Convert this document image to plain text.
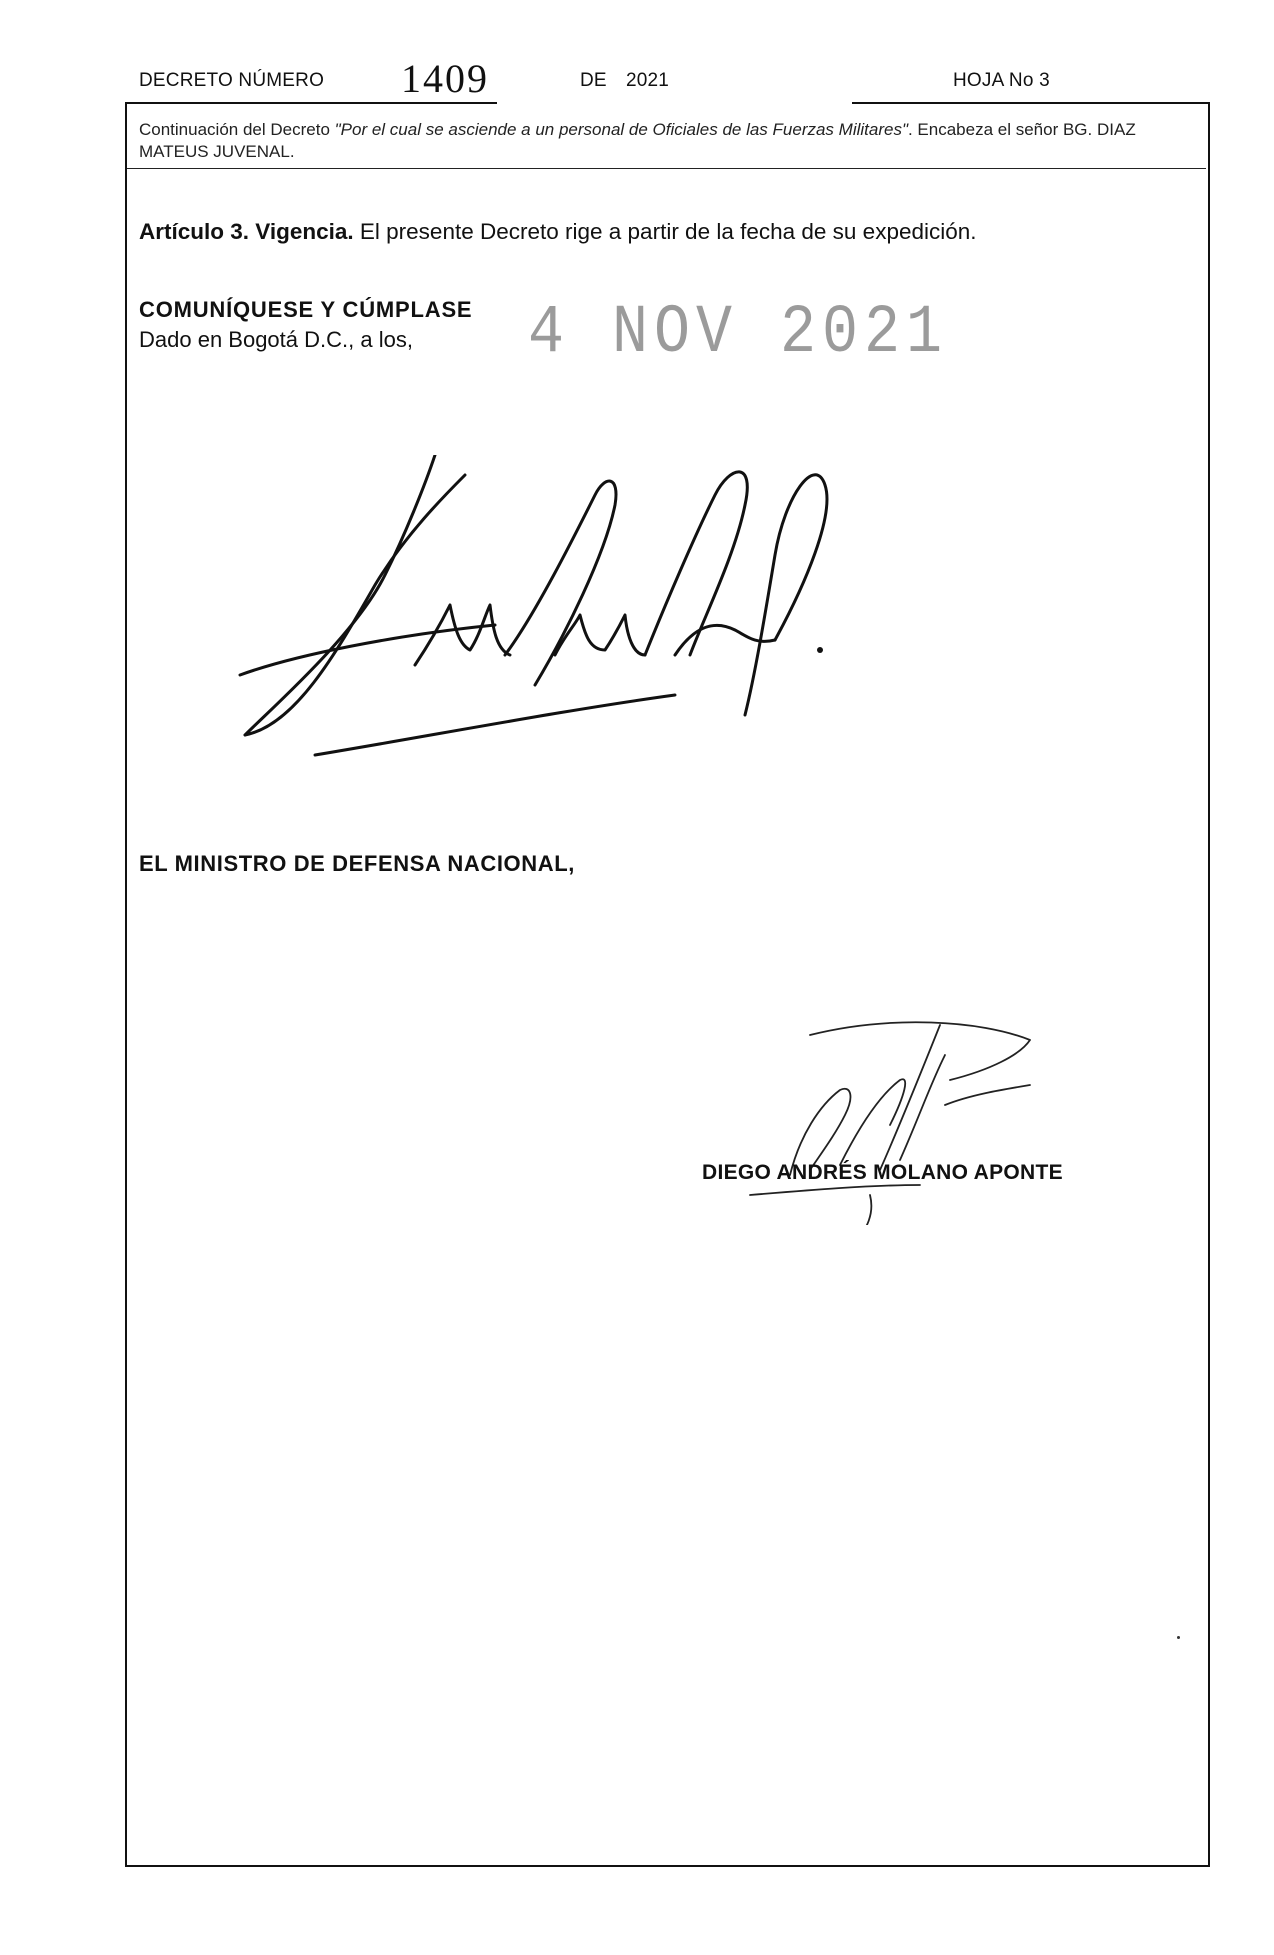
DECRETO NÚMERO 1409	DE 2021	HOJA No 3
Continuación del Decreto "Por el cual se asciende a un personal de Oficiales de las Fuerzas Militares". Encabeza el señor BG. DIAZ MATEUS JUVENAL.
Artículo 3. Vigencia. El presente Decreto rige a partir de la fecha de su expedición.
COMUNÍQUESE Y CÚMPLASE
Dado en Bogotá D.C., a los, 4 NOV 2021
EL MINISTRO DE DEFENSA NACIONAL,
DIEGO ANDRÉS MOLANO APONTE
